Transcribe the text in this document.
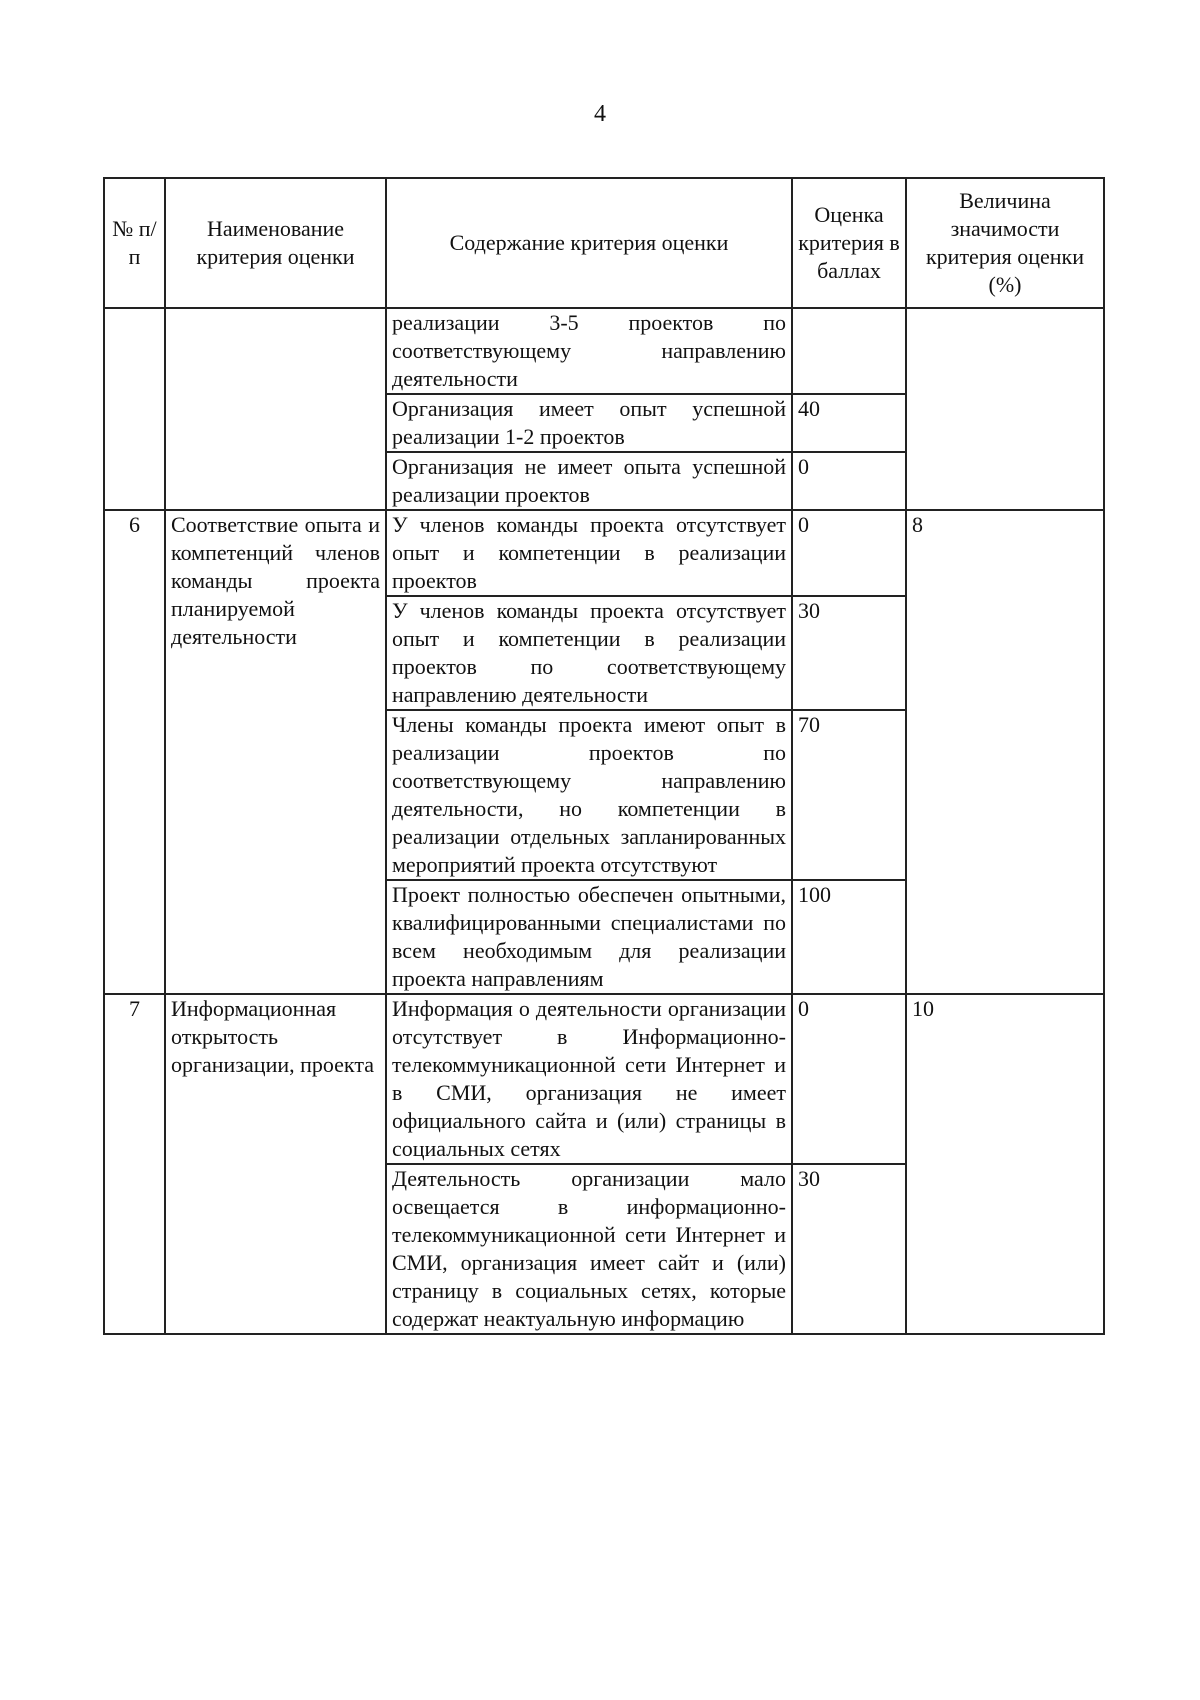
4
№ п/п	Наименование критерия оценки	Содержание критерия оценки	Оценка критерия в баллах	Величина значимости критерия оценки (%)
		реализации 3-5 проектов по соответствующему направлению деятельности		
		Организация имеет опыт успешной реализации 1-2 проектов	40	
		Организация не имеет опыта успешной реализации проектов	0	
6	Соответствие опыта и компетенций членов команды проекта планируемой деятельности	У членов команды проекта отсутствует опыт и компетенции в реализации проектов	0	8
		У членов команды проекта отсутствует опыт и компетенции в реализации проектов по соответствующему направлению деятельности	30	
		Члены команды проекта имеют опыт в реализации проектов по соответствующему направлению деятельности, но компетенции в реализации отдельных запланированных мероприятий проекта отсутствуют	70	
		Проект полностью обеспечен опытными, квалифицированными специалистами по всем необходимым для реализации проекта направлениям	100	
7	Информационная открытость организации, проекта	Информация о деятельности организации отсутствует в Информационно-телекоммуникационной сети Интернет и в СМИ, организация не имеет официального сайта и (или) страницы в социальных сетях	0	10
		Деятельность организации мало освещается в информационно-телекоммуникационной сети Интернет и СМИ, организация имеет сайт и (или) страницу в социальных сетях, которые содержат неактуальную информацию	30	
